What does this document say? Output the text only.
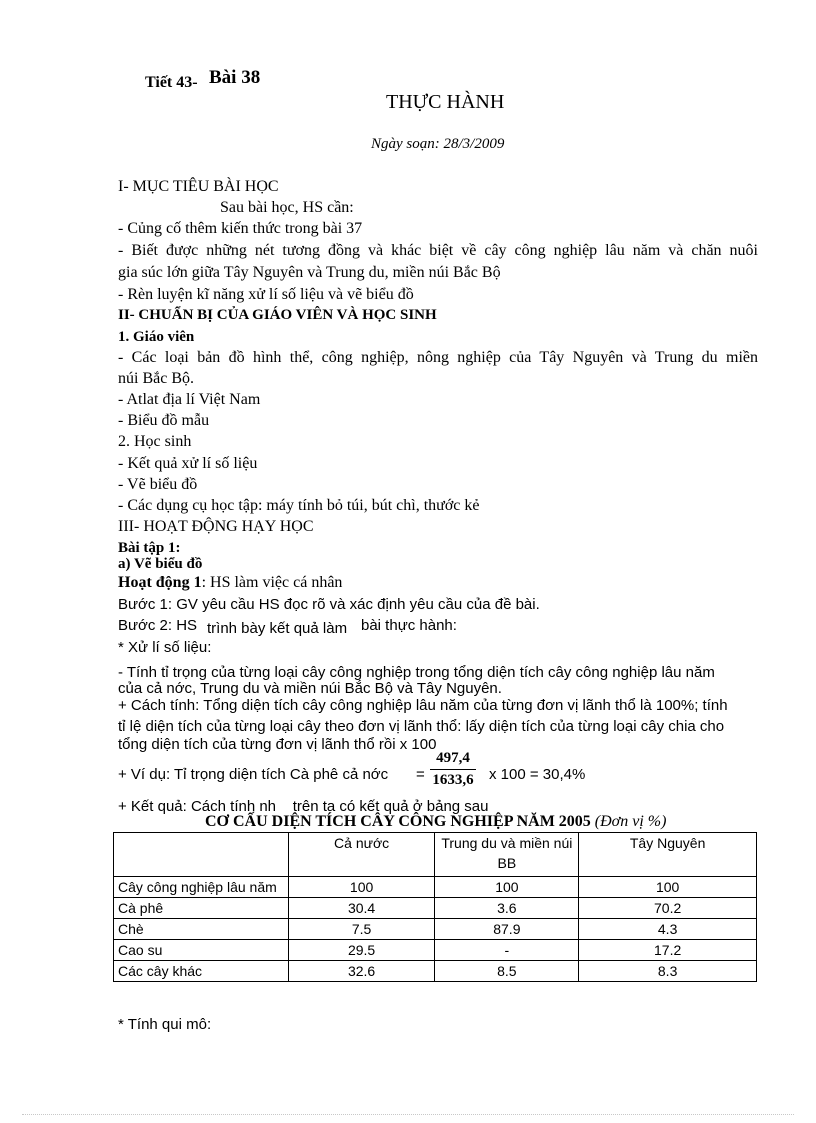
Tiết 43- Bài 38
THỰC HÀNH
Ngày soạn: 28/3/2009
I- MỤC TIÊU BÀI HỌC
Sau bài học, HS cần:
- Củng cố thêm kiến thức trong bài 37
- Biết được những nét tương đồng và khác biệt về cây công nghiệp lâu năm và chăn nuôi
gia súc lớn giữa Tây Nguyên và Trung du, miền núi Bắc Bộ
- Rèn luyện kĩ năng xử lí số liệu và vẽ biểu đồ
II- CHUẨN BỊ CỦA GIÁO VIÊN VÀ HỌC SINH
1. Giáo viên
- Các loại bản đồ hình thể, công nghiệp, nông nghiệp của Tây Nguyên và Trung du miền
núi Bắc Bộ.
- Atlat địa lí Việt Nam
- Biểu đồ mẫu
2. Học sinh
- Kết quả xử lí số liệu
- Vẽ biểu đồ
- Các dụng cụ học tập: máy tính bỏ túi, bút chì, thước kẻ
III- HOẠT ĐỘNG HẠY HỌC
Bài tập 1:
a) Vẽ biểu đồ
Hoạt động 1: HS làm việc cá nhân
Bước 1: GV yêu cầu HS đọc rõ và xác định yêu cầu của đề bài.
Bước 2: HS trình bày kết quả làm bài thực hành:
* Xử lí số liệu:
- Tính tỉ trọng của từng loại cây công nghiệp trong tổng diện tích cây công nghiệp lâu năm
của cả nớc, Trung du và miền núi Bắc Bộ và Tây Nguyên.
+ Cách tính: Tổng diện tích cây công nghiệp lâu năm của từng đơn vị lãnh thổ là 100%; tính
tỉ lệ diện tích của từng loại cây theo đơn vị lãnh thổ: lấy diện tích của từng loại cây chia cho
tổng diện tích của từng đơn vị lãnh thổ rồi x 100
+ Ví dụ: Tỉ trọng diện tích Cà phê cả nớc = $\frac{497,4}{1633,6}$ x 100 = 30,4%
+ Kết quả: Cách tính nh    trên ta có kết quả ở bảng sau
CƠ CẤU DIỆN TÍCH CÂY CÔNG NGHIỆP NĂM 2005 (Đơn vị %)
	Cả nước	Trung du và miền núi BB	Tây Nguyên
Cây công nghiệp lâu năm	100	100	100
Cà phê	30.4	3.6	70.2
Chè	7.5	87.9	4.3
Cao su	29.5	-	17.2
Các cây khác	32.6	8.5	8.3
* Tính qui mô:
